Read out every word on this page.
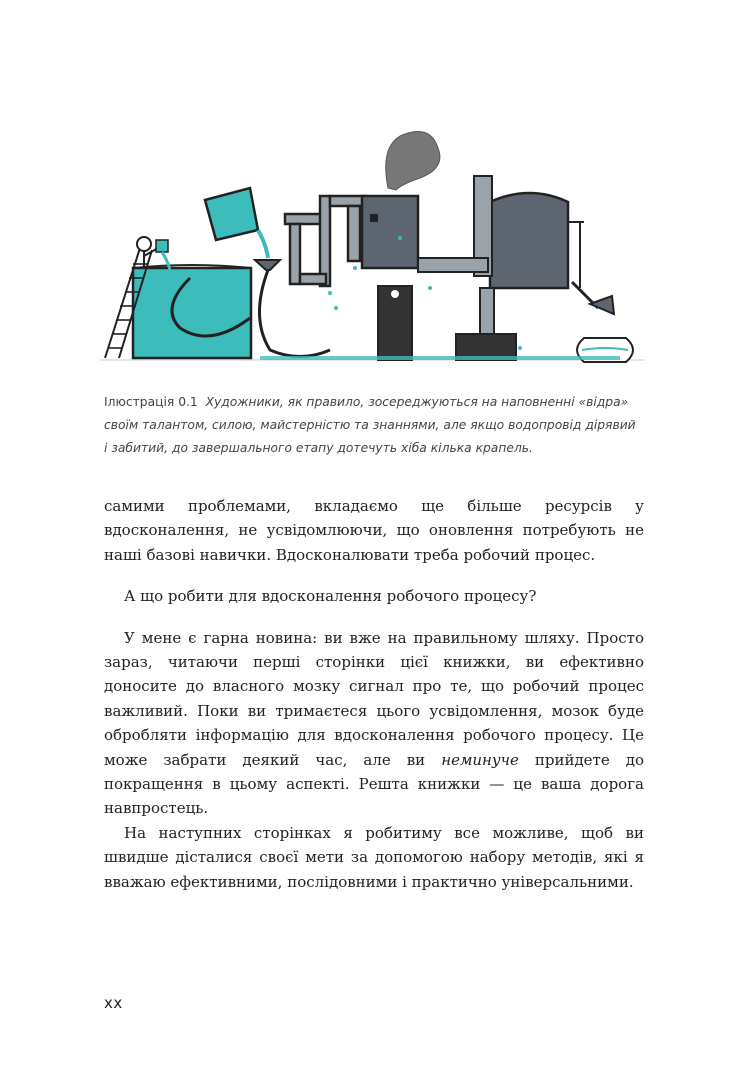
Ілюстрація 0.1 Художники, як правило, зосереджуються на наповненні «відра»
своїм талантом, силою, майстерністю та знаннями, але якщо водопровід дірявий
і забитий, до завершального етапу дотечуть хіба кілька крапель.

самими проблемами, вкладаємо ще більше ресурсів у вдосконалення, не усвідомлюючи, що оновлення потребують не наші базові навички. Вдосконалювати треба робочий процес.

А що робити для вдосконалення робочого процесу?

У мене є гарна новина: ви вже на правильному шляху. Просто зараз, читаючи перші сторінки цієї книжки, ви ефективно доносите до власного мозку сигнал про те, що робочий процес важливий. Поки ви тримаєтеся цього усвідомлення, мозок буде обробляти інформацію для вдосконалення робочого процесу. Це може забрати деякий час, але ви неминуче прийдете до покращення в цьому аспекті. Решта книжки — це ваша дорога навпростець.

На наступних сторінках я робитиму все можливе, щоб ви швидше дісталися своєї мети за допомогою набору методів, які я вважаю ефективними, послідовними і практично універсальними.

xx
